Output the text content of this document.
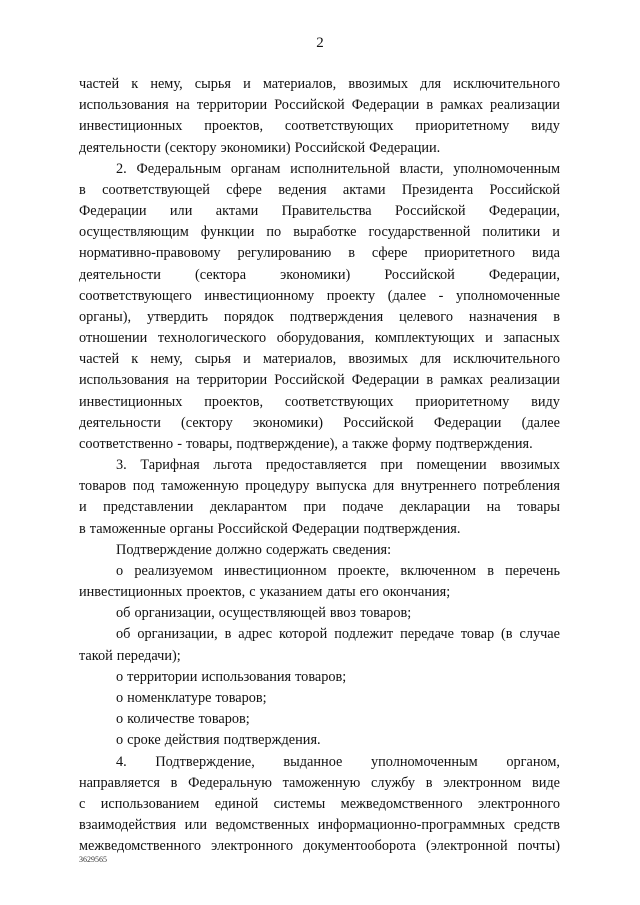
2
частей к нему, сырья и материалов, ввозимых для исключительного
использования на территории Российской Федерации в рамках реализации
инвестиционных проектов, соответствующих приоритетному виду
деятельности (сектору экономики) Российской Федерации.
2. Федеральным органам исполнительной власти, уполномоченным
в соответствующей сфере ведения актами Президента Российской
Федерации или актами Правительства Российской Федерации,
осуществляющим функции по выработке государственной политики и
нормативно-правовому регулированию в сфере приоритетного вида
деятельности (сектора экономики) Российской Федерации,
соответствующего инвестиционному проекту (далее - уполномоченные
органы), утвердить порядок подтверждения целевого назначения в
отношении технологического оборудования, комплектующих и запасных
частей к нему, сырья и материалов, ввозимых для исключительного
использования на территории Российской Федерации в рамках реализации
инвестиционных проектов, соответствующих приоритетному виду
деятельности (сектору экономики) Российской Федерации (далее
соответственно - товары, подтверждение), а также форму подтверждения.
3. Тарифная льгота предоставляется при помещении ввозимых
товаров под таможенную процедуру выпуска для внутреннего потребления
и представлении декларантом при подаче декларации на товары
в таможенные органы Российской Федерации подтверждения.
Подтверждение должно содержать сведения:
о реализуемом инвестиционном проекте, включенном в перечень
инвестиционных проектов, с указанием даты его окончания;
об организации, осуществляющей ввоз товаров;
об организации, в адрес которой подлежит передаче товар (в случае
такой передачи);
о территории использования товаров;
о номенклатуре товаров;
о количестве товаров;
о сроке действия подтверждения.
4. Подтверждение, выданное уполномоченным органом,
направляется в Федеральную таможенную службу в электронном виде
с использованием единой системы межведомственного электронного
взаимодействия или ведомственных информационно-программных средств
межведомственного электронного документооборота (электронной почты)
3629565
